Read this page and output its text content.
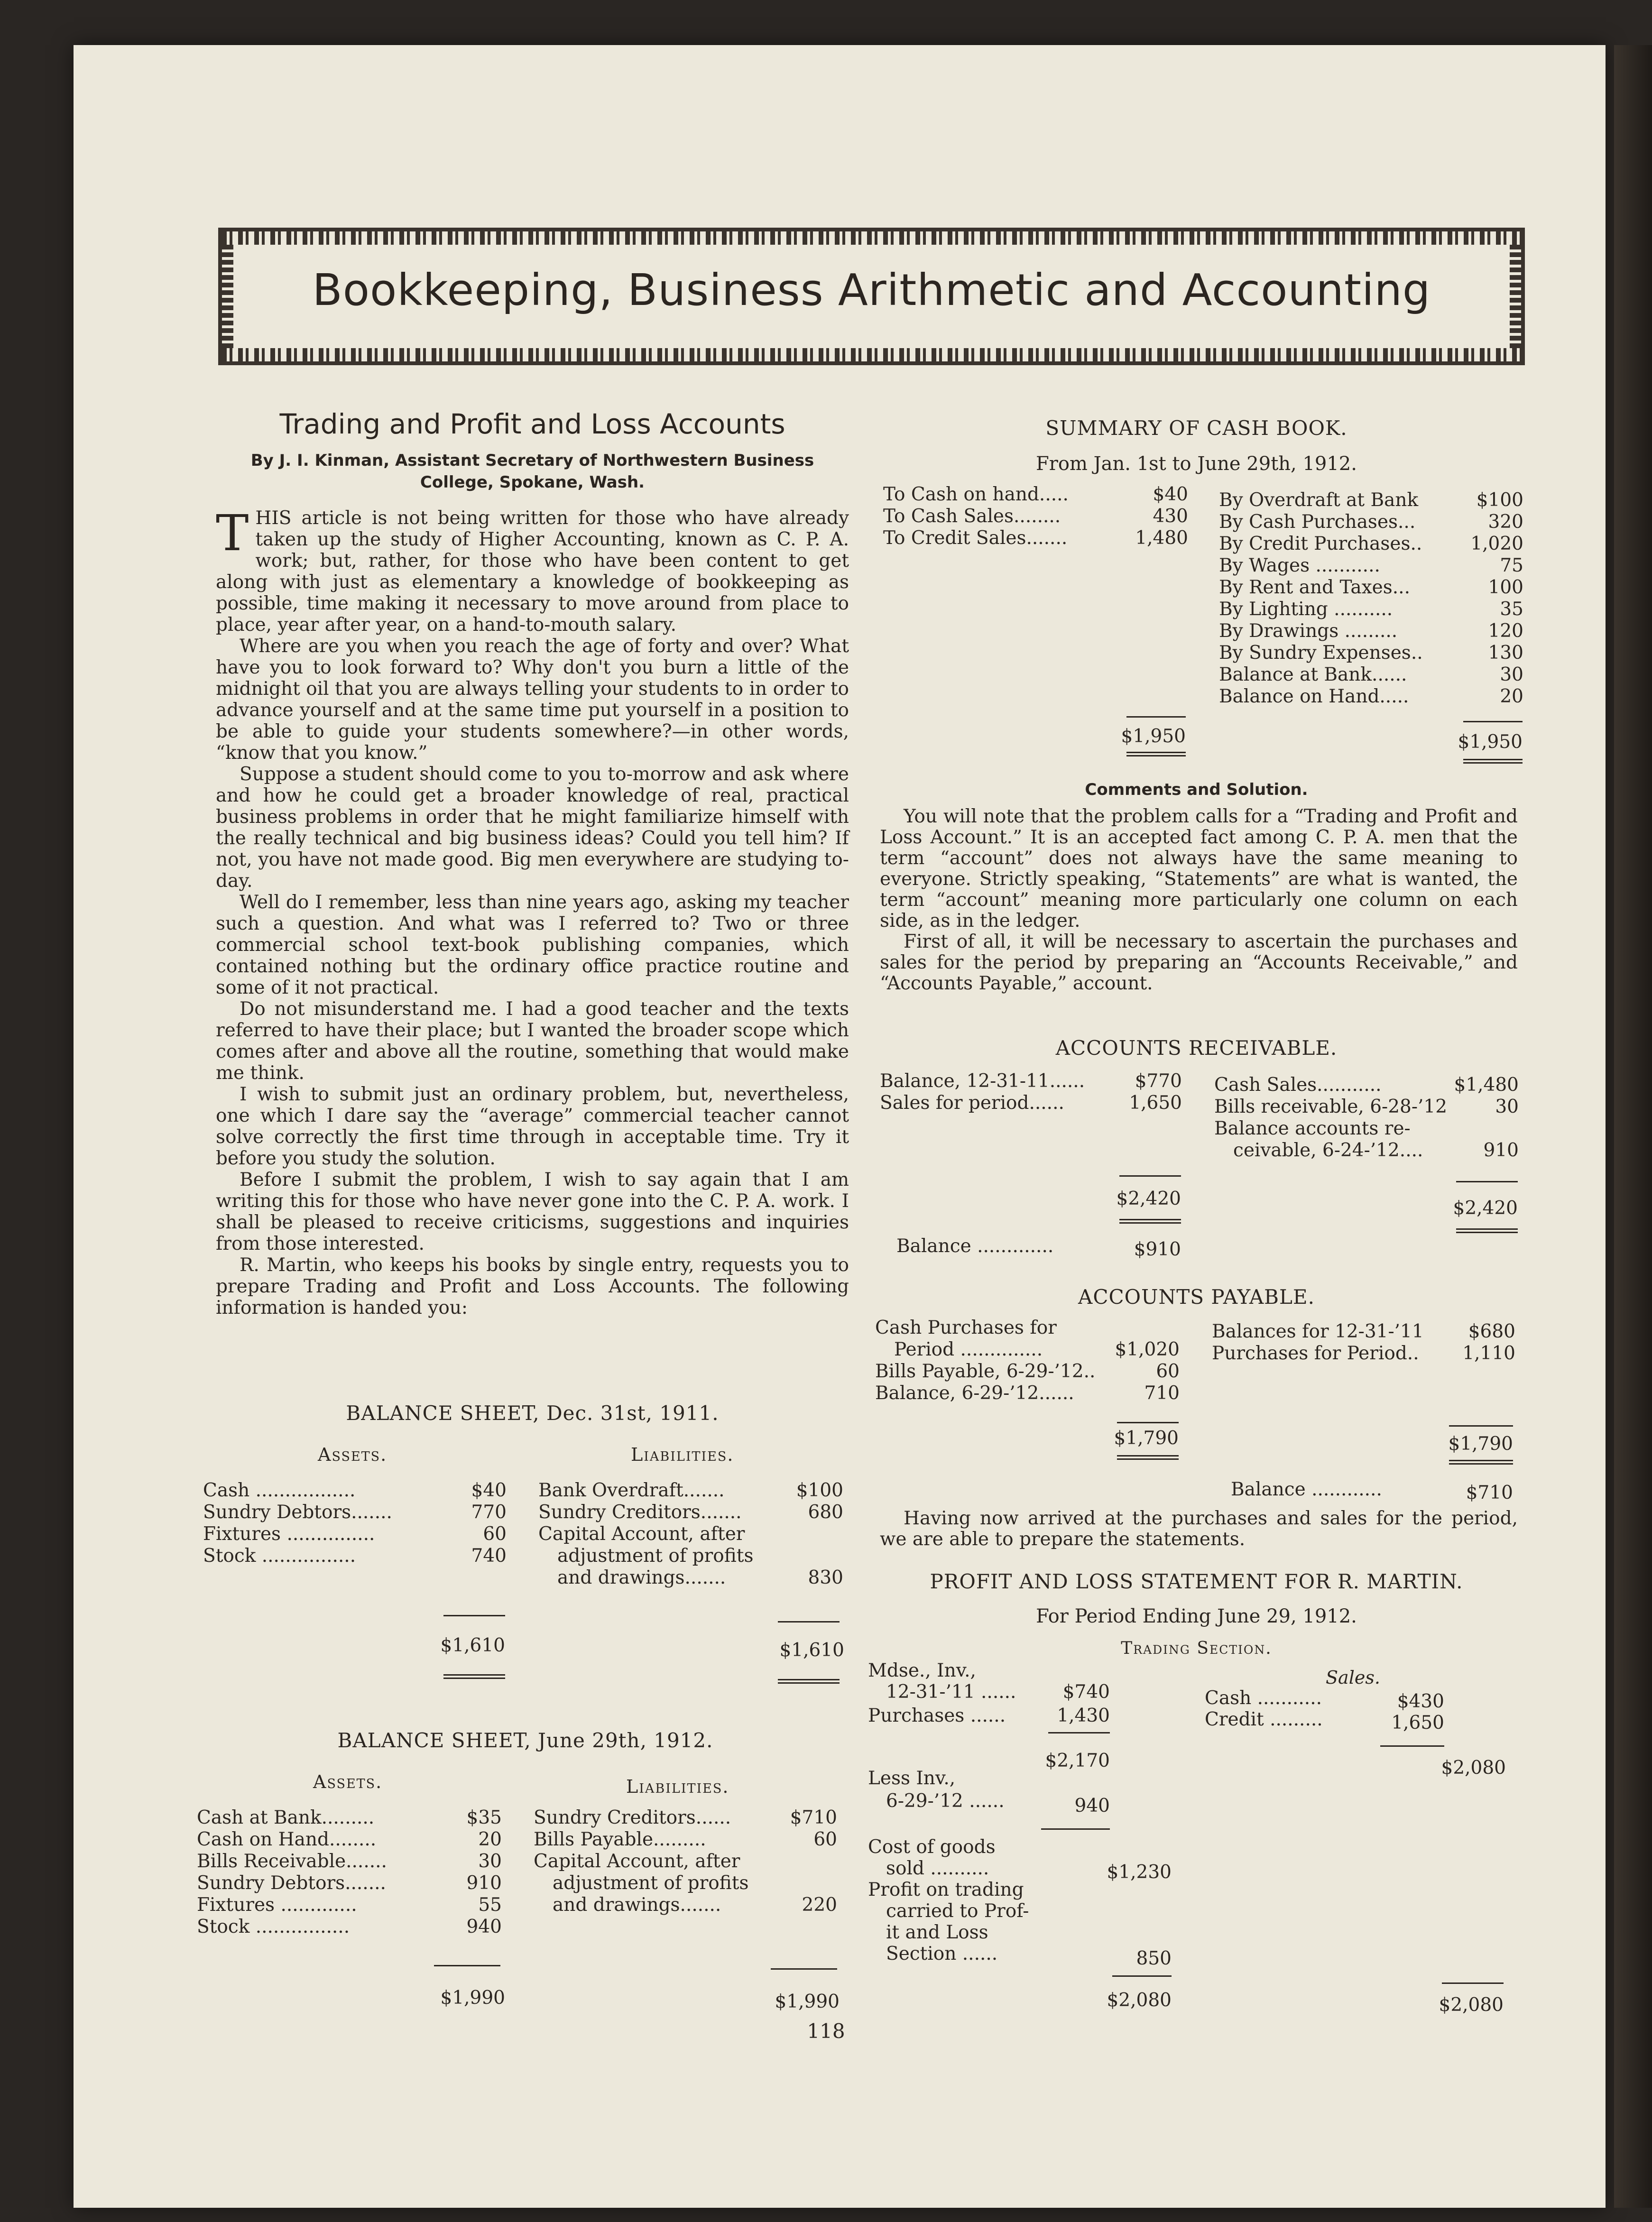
Bookkeeping, Business Arithmetic and Accounting
Trading and Profit and Loss Accounts
By J. I. Kinman, Assistant Secretary of Northwestern Business College, Spokane, Wash.

THIS article is not being written for those who have already taken up the study of Higher Accounting, known as C. P. A. work; but, rather, for those who have been content to get along with just as elementary a knowledge of bookkeeping as possible, time making it necessary to move around from place to place, year after year, on a hand-to-mouth salary.

Where are you when you reach the age of forty and over? What have you to look forward to? Why don't you burn a little of the midnight oil that you are always telling your students to in order to advance yourself and at the same time put yourself in a position to be able to guide your students somewhere?—in other words, “know that you know.”

Suppose a student should come to you to-morrow and ask where and how he could get a broader knowledge of real, practical business problems in order that he might familiarize himself with the really technical and big business ideas? Could you tell him? If not, you have not made good. Big men everywhere are studying to-day.

Well do I remember, less than nine years ago, asking my teacher such a question. And what was I referred to? Two or three commercial school text-book publishing companies, which contained nothing but the ordinary office practice routine and some of it not practical.

Do not misunderstand me. I had a good teacher and the texts referred to have their place; but I wanted the broader scope which comes after and above all the routine, something that would make me think.

I wish to submit just an ordinary problem, but, nevertheless, one which I dare say the “average” commercial teacher cannot solve correctly the first time through in acceptable time. Try it before you study the solution.

Before I submit the problem, I wish to say again that I am writing this for those who have never gone into the C. P. A. work. I shall be pleased to receive criticisms, suggestions and inquiries from those interested.

R. Martin, who keeps his books by single entry, requests you to prepare Trading and Profit and Loss Accounts. The following information is handed you:

BALANCE SHEET, Dec. 31st, 1911.
Assets.	Liabilities.
Cash .................	$40
Sundry Debtors.......	770
Fixtures ...............	60
Stock ................	740
Bank Overdraft.......	$100
Sundry Creditors.......	680
Capital Account, after
adjustment of profits
and drawings.......	830
$1,610	$1,610
BALANCE SHEET, June 29th, 1912.
Assets.	Liabilities.
Cash at Bank.........	$35
Cash on Hand........	20
Bills Receivable.......	30
Sundry Debtors.......	910
Fixtures .............	55
Stock ................	940
Sundry Creditors......	$710
Bills Payable.........	60
Capital Account, after
adjustment of profits
and drawings.......	220
$1,990	$1,990
SUMMARY OF CASH BOOK.
From Jan. 1st to June 29th, 1912.
To Cash on hand.....	$40
To Cash Sales........	430
To Credit Sales.......	1,480
By Overdraft at Bank	$100
By Cash Purchases...	320
By Credit Purchases..	1,020
By Wages ...........	75
By Rent and Taxes...	100
By Lighting ..........	35
By Drawings .........	120
By Sundry Expenses..	130
Balance at Bank......	30
Balance on Hand.....	20
$1,950	$1,950
Comments and Solution.

You will note that the problem calls for a “Trading and Profit and Loss Account.” It is an accepted fact among C. P. A. men that the term “account” does not always have the same meaning to everyone. Strictly speaking, “Statements” are what is wanted, the term “account” meaning more particularly one column on each side, as in the ledger.

First of all, it will be necessary to ascertain the purchases and sales for the period by preparing an “Accounts Receivable,” and “Accounts Payable,” account.

ACCOUNTS RECEIVABLE.
Balance, 12-31-11......	$770
Sales for period......	1,650
Cash Sales...........	$1,480
Bills receivable, 6-28-’12	30
Balance accounts re-
ceivable, 6-24-’12....	910
$2,420	$2,420
Balance .............	$910
ACCOUNTS PAYABLE.
Cash Purchases for
Period ..............	$1,020
Bills Payable, 6-29-’12..	60
Balance, 6-29-’12......	710
Balances for 12-31-’11	$680
Purchases for Period..	1,110
$1,790	$1,790
Balance ............	$710

Having now arrived at the purchases and sales for the period, we are able to prepare the statements.

PROFIT AND LOSS STATEMENT FOR R. MARTIN.
For Period Ending June 29, 1912.
Trading Section.
Sales.
Mdse., Inv.,
12-31-’11 ......	$740
Purchases ......	1,430
$2,170
Less Inv.,
6-29-’12 ......	940
Cost of goods
sold ..........	$1,230
Profit on trading
carried to Prof-
it and Loss
Section ......	850
$2,080
Cash ...........	$430
Credit .........	1,650
$2,080
$2,080
118
